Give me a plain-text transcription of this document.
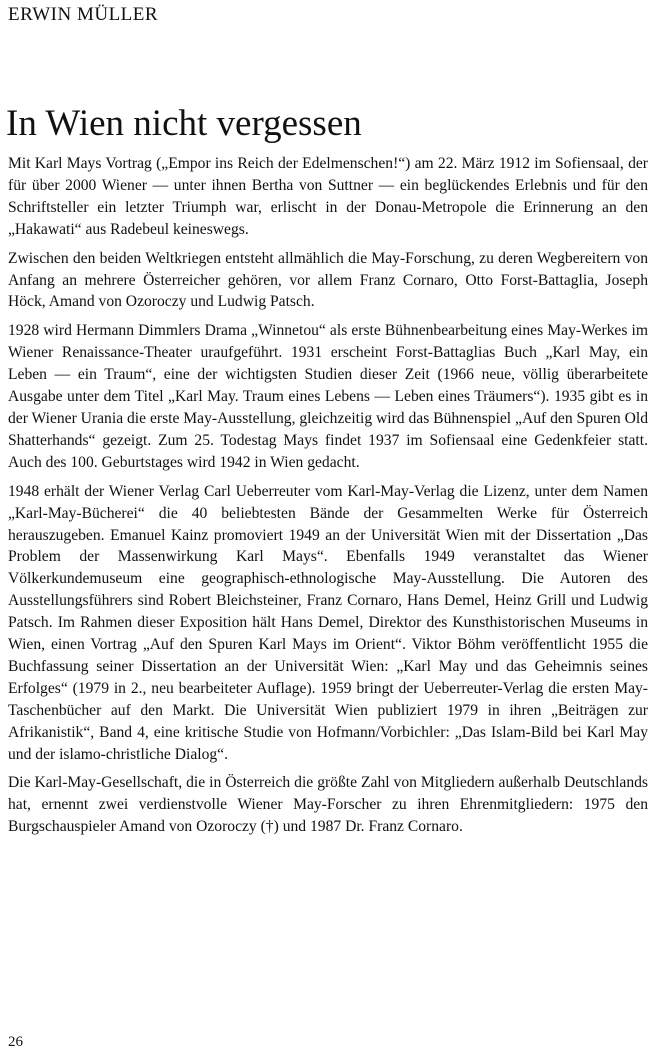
ERWIN MÜLLER
In Wien nicht vergessen

Mit Karl Mays Vortrag („Empor ins Reich der Edelmenschen!“) am 22. März 1912 im Sofiensaal, der für über 2000 Wiener — unter ihnen Bertha von Suttner — ein beglückendes Erlebnis und für den Schriftsteller ein letzter Triumph war, erlischt in der Donau-Metropole die Erinnerung an den „Hakawati“ aus Radebeul keineswegs.

Zwischen den beiden Weltkriegen entsteht allmählich die May-Forschung, zu deren Wegbereitern von Anfang an mehrere Österreicher gehören, vor allem Franz Cornaro, Otto Forst-Battaglia, Joseph Höck, Amand von Ozoroczy und Ludwig Patsch.

1928 wird Hermann Dimmlers Drama „Winnetou“ als erste Bühnenbearbeitung eines May-Werkes im Wiener Renaissance-Theater uraufgeführt. 1931 erscheint Forst-Battaglias Buch „Karl May, ein Leben — ein Traum“, eine der wichtigsten Studien dieser Zeit (1966 neue, völlig überarbeitete Ausgabe unter dem Titel „Karl May. Traum eines Lebens — Leben eines Träumers“). 1935 gibt es in der Wiener Urania die erste May-Ausstellung, gleichzeitig wird das Bühnenspiel „Auf den Spuren Old Shatterhands“ gezeigt. Zum 25. Todestag Mays findet 1937 im Sofiensaal eine Gedenkfeier statt. Auch des 100. Geburtstages wird 1942 in Wien gedacht.

1948 erhält der Wiener Verlag Carl Ueberreuter vom Karl-May-Verlag die Lizenz, unter dem Namen „Karl-May-Bücherei“ die 40 beliebtesten Bände der Gesammelten Werke für Österreich herauszugeben. Emanuel Kainz promoviert 1949 an der Universität Wien mit der Dissertation „Das Problem der Massenwirkung Karl Mays“. Ebenfalls 1949 veranstaltet das Wiener Völkerkundemuseum eine geographisch-ethnologische May-Ausstellung. Die Autoren des Ausstellungsführers sind Robert Bleichsteiner, Franz Cornaro, Hans Demel, Heinz Grill und Ludwig Patsch. Im Rahmen dieser Exposition hält Hans Demel, Direktor des Kunsthistorischen Museums in Wien, einen Vortrag „Auf den Spuren Karl Mays im Orient“. Viktor Böhm veröffentlicht 1955 die Buchfassung seiner Dissertation an der Universität Wien: „Karl May und das Geheimnis seines Erfolges“ (1979 in 2., neu bearbeiteter Auflage). 1959 bringt der Ueberreuter-Verlag die ersten May-Taschenbücher auf den Markt. Die Universität Wien publiziert 1979 in ihren „Beiträgen zur Afrikanistik“, Band 4, eine kritische Studie von Hofmann/Vorbichler: „Das Islam-Bild bei Karl May und der islamo-christliche Dialog“.

Die Karl-May-Gesellschaft, die in Österreich die größte Zahl von Mitgliedern außerhalb Deutschlands hat, ernennt zwei verdienstvolle Wiener May-Forscher zu ihren Ehrenmitgliedern: 1975 den Burgschauspieler Amand von Ozoroczy (†) und 1987 Dr. Franz Cornaro.

26
